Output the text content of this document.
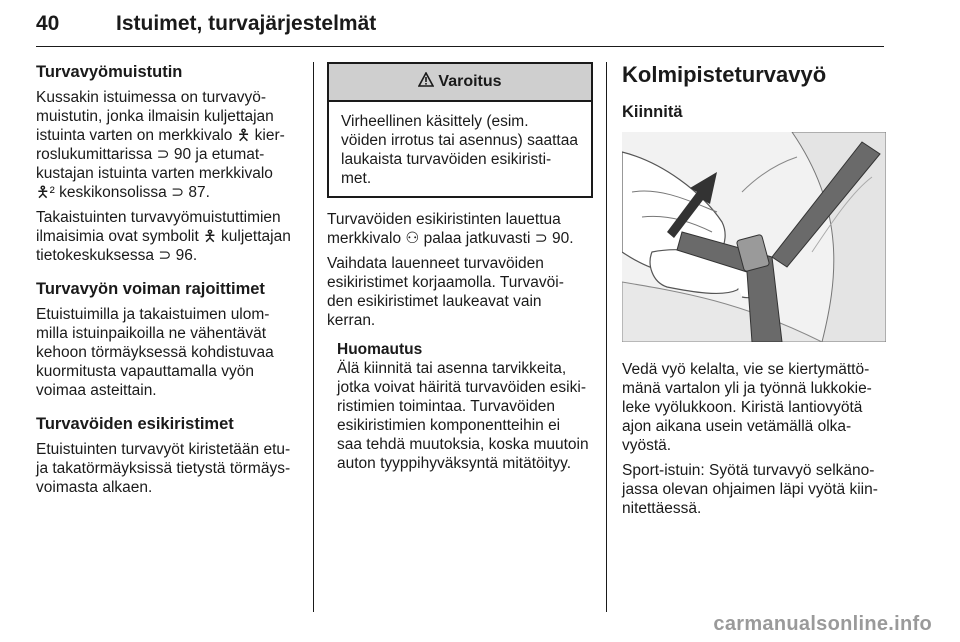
40	Istuimet, turvajärjestelmät
Turvavyömuistutin

Kussakin istuimessa on turvavyö-
muistutin, jonka ilmaisin kuljettajan
istuinta varten on merkkivalo 🯅 kier-
roslukumittarissa ⊃ 90 ja etumat-
kustajan istuinta varten merkkivalo
🯅² keskikonsolissa ⊃ 87.

Takaistuinten turvavyömuistuttimien
ilmaisimia ovat symbolit 🯅 kuljettajan
tietokeskuksessa ⊃ 96.

Turvavyön voiman rajoittimet

Etuistuimilla ja takaistuimen ulom-
milla istuinpaikoilla ne vähentävät
kehoon törmäyksessä kohdistuvaa
kuormitusta vapauttamalla vyön
voimaa asteittain.

Turvavöiden esikiristimet

Etuistuinten turvavyöt kiristetään etu-
ja takatörmäyksissä tietystä törmäys-
voimasta alkaen.

Varoitus

Virheellinen käsittely (esim.
vöiden irrotus tai asennus) saattaa
laukaista turvavöiden esikiristi-
met.

Turvavöiden esikiristinten lauettua
merkkivalo ⚇ palaa jatkuvasti ⊃ 90.

Vaihdata lauenneet turvavöiden
esikiristimet korjaamolla. Turvavöi-
den esikiristimet laukeavat vain
kerran.

Huomautus

Älä kiinnitä tai asenna tarvikkeita,
jotka voivat häiritä turvavöiden esiki-
ristimien toimintaa. Turvavöiden
esikiristimien komponentteihin ei
saa tehdä muutoksia, koska muutoin
auton tyyppihyväksyntä mitätöityy.

Kolmipisteturvavyö
Kiinnitä

Vedä vyö kelalta, vie se kiertymättö-
mänä vartalon yli ja työnnä lukkokie-
leke vyölukkoon. Kiristä lantiovyötä
ajon aikana usein vetämällä olka-
vyöstä.

Sport-istuin: Syötä turvavyö selkäno-
jassa olevan ohjaimen läpi vyötä kiin-
nitettäessä.

carmanualsonline.info
